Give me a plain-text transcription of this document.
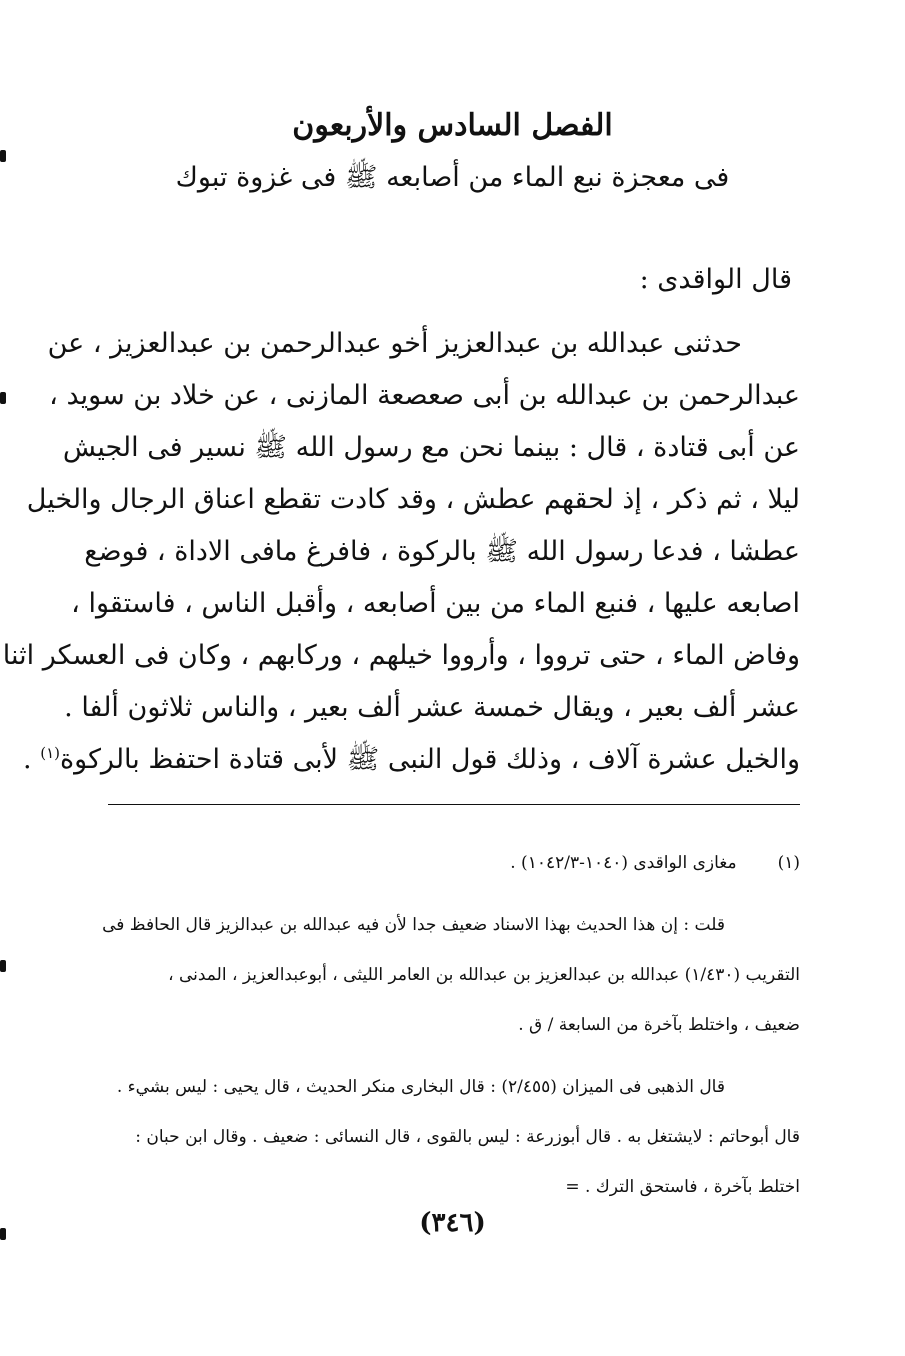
الفصل السادس والأربعون
فى معجزة نبع الماء من أصابعه ﷺ فى غزوة تبوك
قال الواقدى :
حدثنى عبدالله بن عبدالعزيز أخو عبدالرحمن بن عبدالعزيز ، عن
عبدالرحمن بن عبدالله بن أبى صعصعة المازنى ، عن خلاد بن سويد ،
عن أبى قتادة ، قال : بينما نحن مع رسول الله ﷺ نسير فى الجيش
ليلا ، ثم ذكر ، إذ لحقهم عطش ، وقد كادت تقطع اعناق الرجال والخيل
عطشا ، فدعا رسول الله ﷺ بالركوة ، فافرغ مافى الاداة ، فوضع
اصابعه عليها ، فنبع الماء من بين أصابعه ، وأقبل الناس ، فاستقوا ،
وفاض الماء ، حتى ترووا ، وأرووا خيلهم ، وركابهم ، وكان فى العسكر اثنا
عشر ألف بعير ، ويقال خمسة عشر ألف بعير ، والناس ثلاثون ألفا .
والخيل عشرة آلاف ، وذلك قول النبى ﷺ لأبى قتادة احتفظ بالركوة$^{(١)}$ .
(١) مغازى الواقدى (١٠٤٠-١٠٤٢/٣) .
قلت : إن هذا الحديث بهذا الاسناد ضعيف جدا لأن فيه عبدالله بن عبدالزيز قال الحافظ فى
التقريب (١/٤٣٠) عبدالله بن عبدالعزيز بن عبدالله بن العامر الليثى ، أبوعبدالعزيز ، المدنى ،
ضعيف ، واختلط بآخرة من السابعة / ق .
قال الذهبى فى الميزان (٢/٤٥٥) : قال البخارى منكر الحديث ، قال يحيى : ليس بشيء .
قال أبوحاتم : لايشتغل به . قال أبوزرعة : ليس بالقوى ، قال النسائى : ضعيف . وقال ابن حبان :
اختلط بآخرة ، فاستحق الترك . =
(٣٤٦)
